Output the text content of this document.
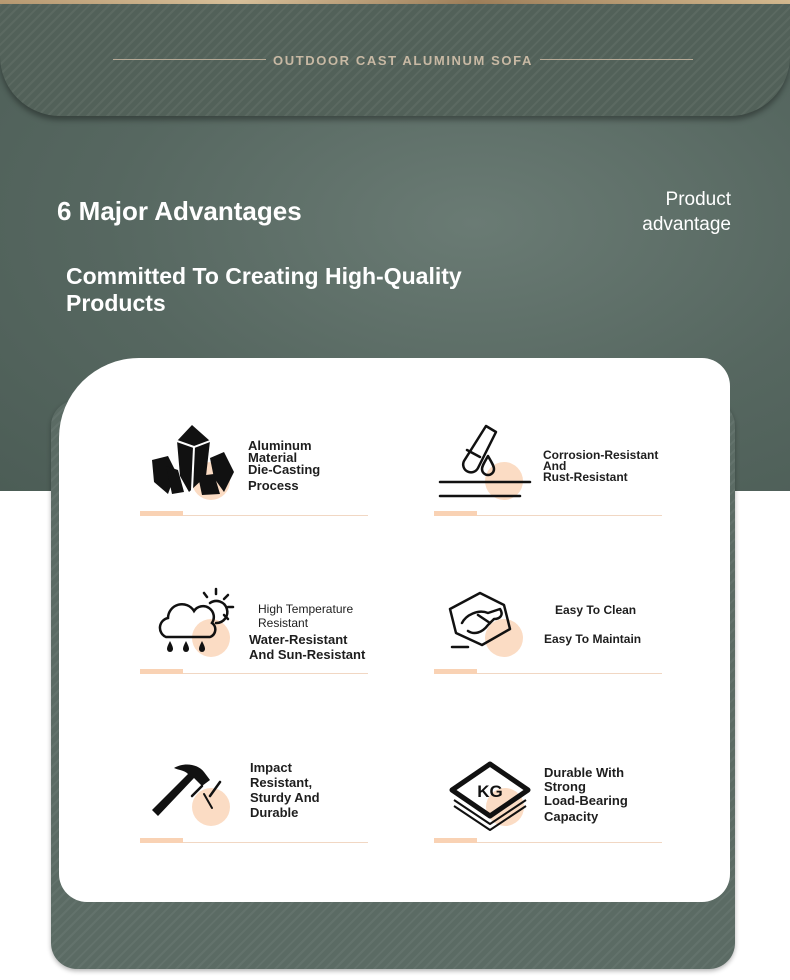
OUTDOOR CAST ALUMINUM SOFA
6 Major Advantages	Product
advantage
Committed To Creating High-Quality
Products
Aluminum
Material
Die-Casting
Process
Corrosion-Resistant
And
Rust-Resistant
High Temperature Resistant
Water-Resistant And Sun-Resistant
Easy To Clean
Easy To Maintain
Impact
Resistant,
Sturdy And
Durable
KG
Durable With
Strong
Load-Bearing
Capacity
